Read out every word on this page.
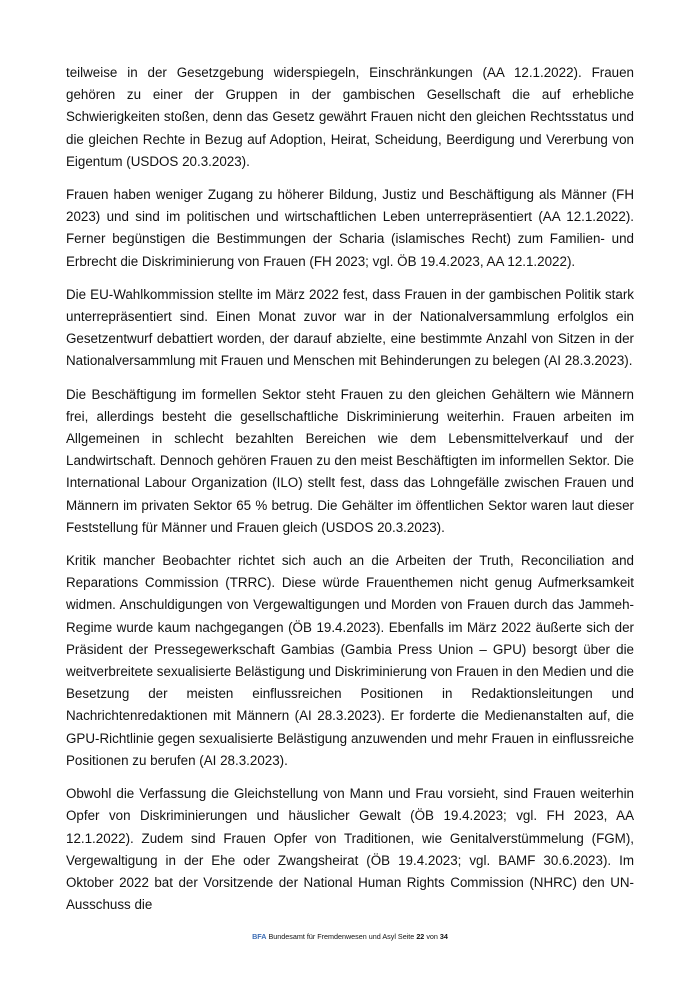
teilweise in der Gesetzgebung widerspiegeln, Einschränkungen (AA 12.1.2022). Frauen gehören zu einer der Gruppen in der gambischen Gesellschaft die auf erhebliche Schwierigkeiten stoßen, denn das Gesetz gewährt Frauen nicht den gleichen Rechtsstatus und die gleichen Rechte in Bezug auf Adoption, Heirat, Scheidung, Beerdigung und Vererbung von Eigentum (USDOS 20.3.2023).

Frauen haben weniger Zugang zu höherer Bildung, Justiz und Beschäftigung als Männer (FH 2023) und sind im politischen und wirtschaftlichen Leben unterrepräsentiert (AA 12.1.2022). Ferner begünstigen die Bestimmungen der Scharia (islamisches Recht) zum Familien- und Erbrecht die Diskriminierung von Frauen (FH 2023; vgl. ÖB 19.4.2023, AA 12.1.2022).

Die EU-Wahlkommission stellte im März 2022 fest, dass Frauen in der gambischen Politik stark unterrepräsentiert sind. Einen Monat zuvor war in der Nationalversammlung erfolglos ein Gesetzentwurf debattiert worden, der darauf abzielte, eine bestimmte Anzahl von Sitzen in der Nationalversammlung mit Frauen und Menschen mit Behinderungen zu belegen (AI 28.3.2023).

Die Beschäftigung im formellen Sektor steht Frauen zu den gleichen Gehältern wie Männern frei, allerdings besteht die gesellschaftliche Diskriminierung weiterhin. Frauen arbeiten im Allgemeinen in schlecht bezahlten Bereichen wie dem Lebensmittelverkauf und der Landwirtschaft. Dennoch gehören Frauen zu den meist Beschäftigten im informellen Sektor. Die International Labour Organization (ILO) stellt fest, dass das Lohngefälle zwischen Frauen und Männern im privaten Sektor 65 % betrug. Die Gehälter im öffentlichen Sektor waren laut dieser Feststellung für Männer und Frauen gleich (USDOS 20.3.2023).

Kritik mancher Beobachter richtet sich auch an die Arbeiten der Truth, Reconciliation and Reparations Commission (TRRC). Diese würde Frauenthemen nicht genug Aufmerksamkeit widmen. Anschuldigungen von Vergewaltigungen und Morden von Frauen durch das Jammeh-Regime wurde kaum nachgegangen (ÖB 19.4.2023). Ebenfalls im März 2022 äußerte sich der Präsident der Pressegewerkschaft Gambias (Gambia Press Union – GPU) besorgt über die weitverbreitete sexualisierte Belästigung und Diskriminierung von Frauen in den Medien und die Besetzung der meisten einflussreichen Positionen in Redaktionsleitungen und Nachrichtenredaktionen mit Männern (AI 28.3.2023). Er forderte die Medienanstalten auf, die GPU-Richtlinie gegen sexualisierte Belästigung anzuwenden und mehr Frauen in einflussreiche Positionen zu berufen (AI 28.3.2023).

Obwohl die Verfassung die Gleichstellung von Mann und Frau vorsieht, sind Frauen weiterhin Opfer von Diskriminierungen und häuslicher Gewalt (ÖB 19.4.2023; vgl. FH 2023, AA 12.1.2022). Zudem sind Frauen Opfer von Traditionen, wie Genitalverstümmelung (FGM), Vergewaltigung in der Ehe oder Zwangsheirat (ÖB 19.4.2023; vgl. BAMF 30.6.2023). Im Oktober 2022 bat der Vorsitzende der National Human Rights Commission (NHRC) den UN-Ausschuss die

BFA Bundesamt für Fremdenwesen und Asyl Seite 22 von 34
